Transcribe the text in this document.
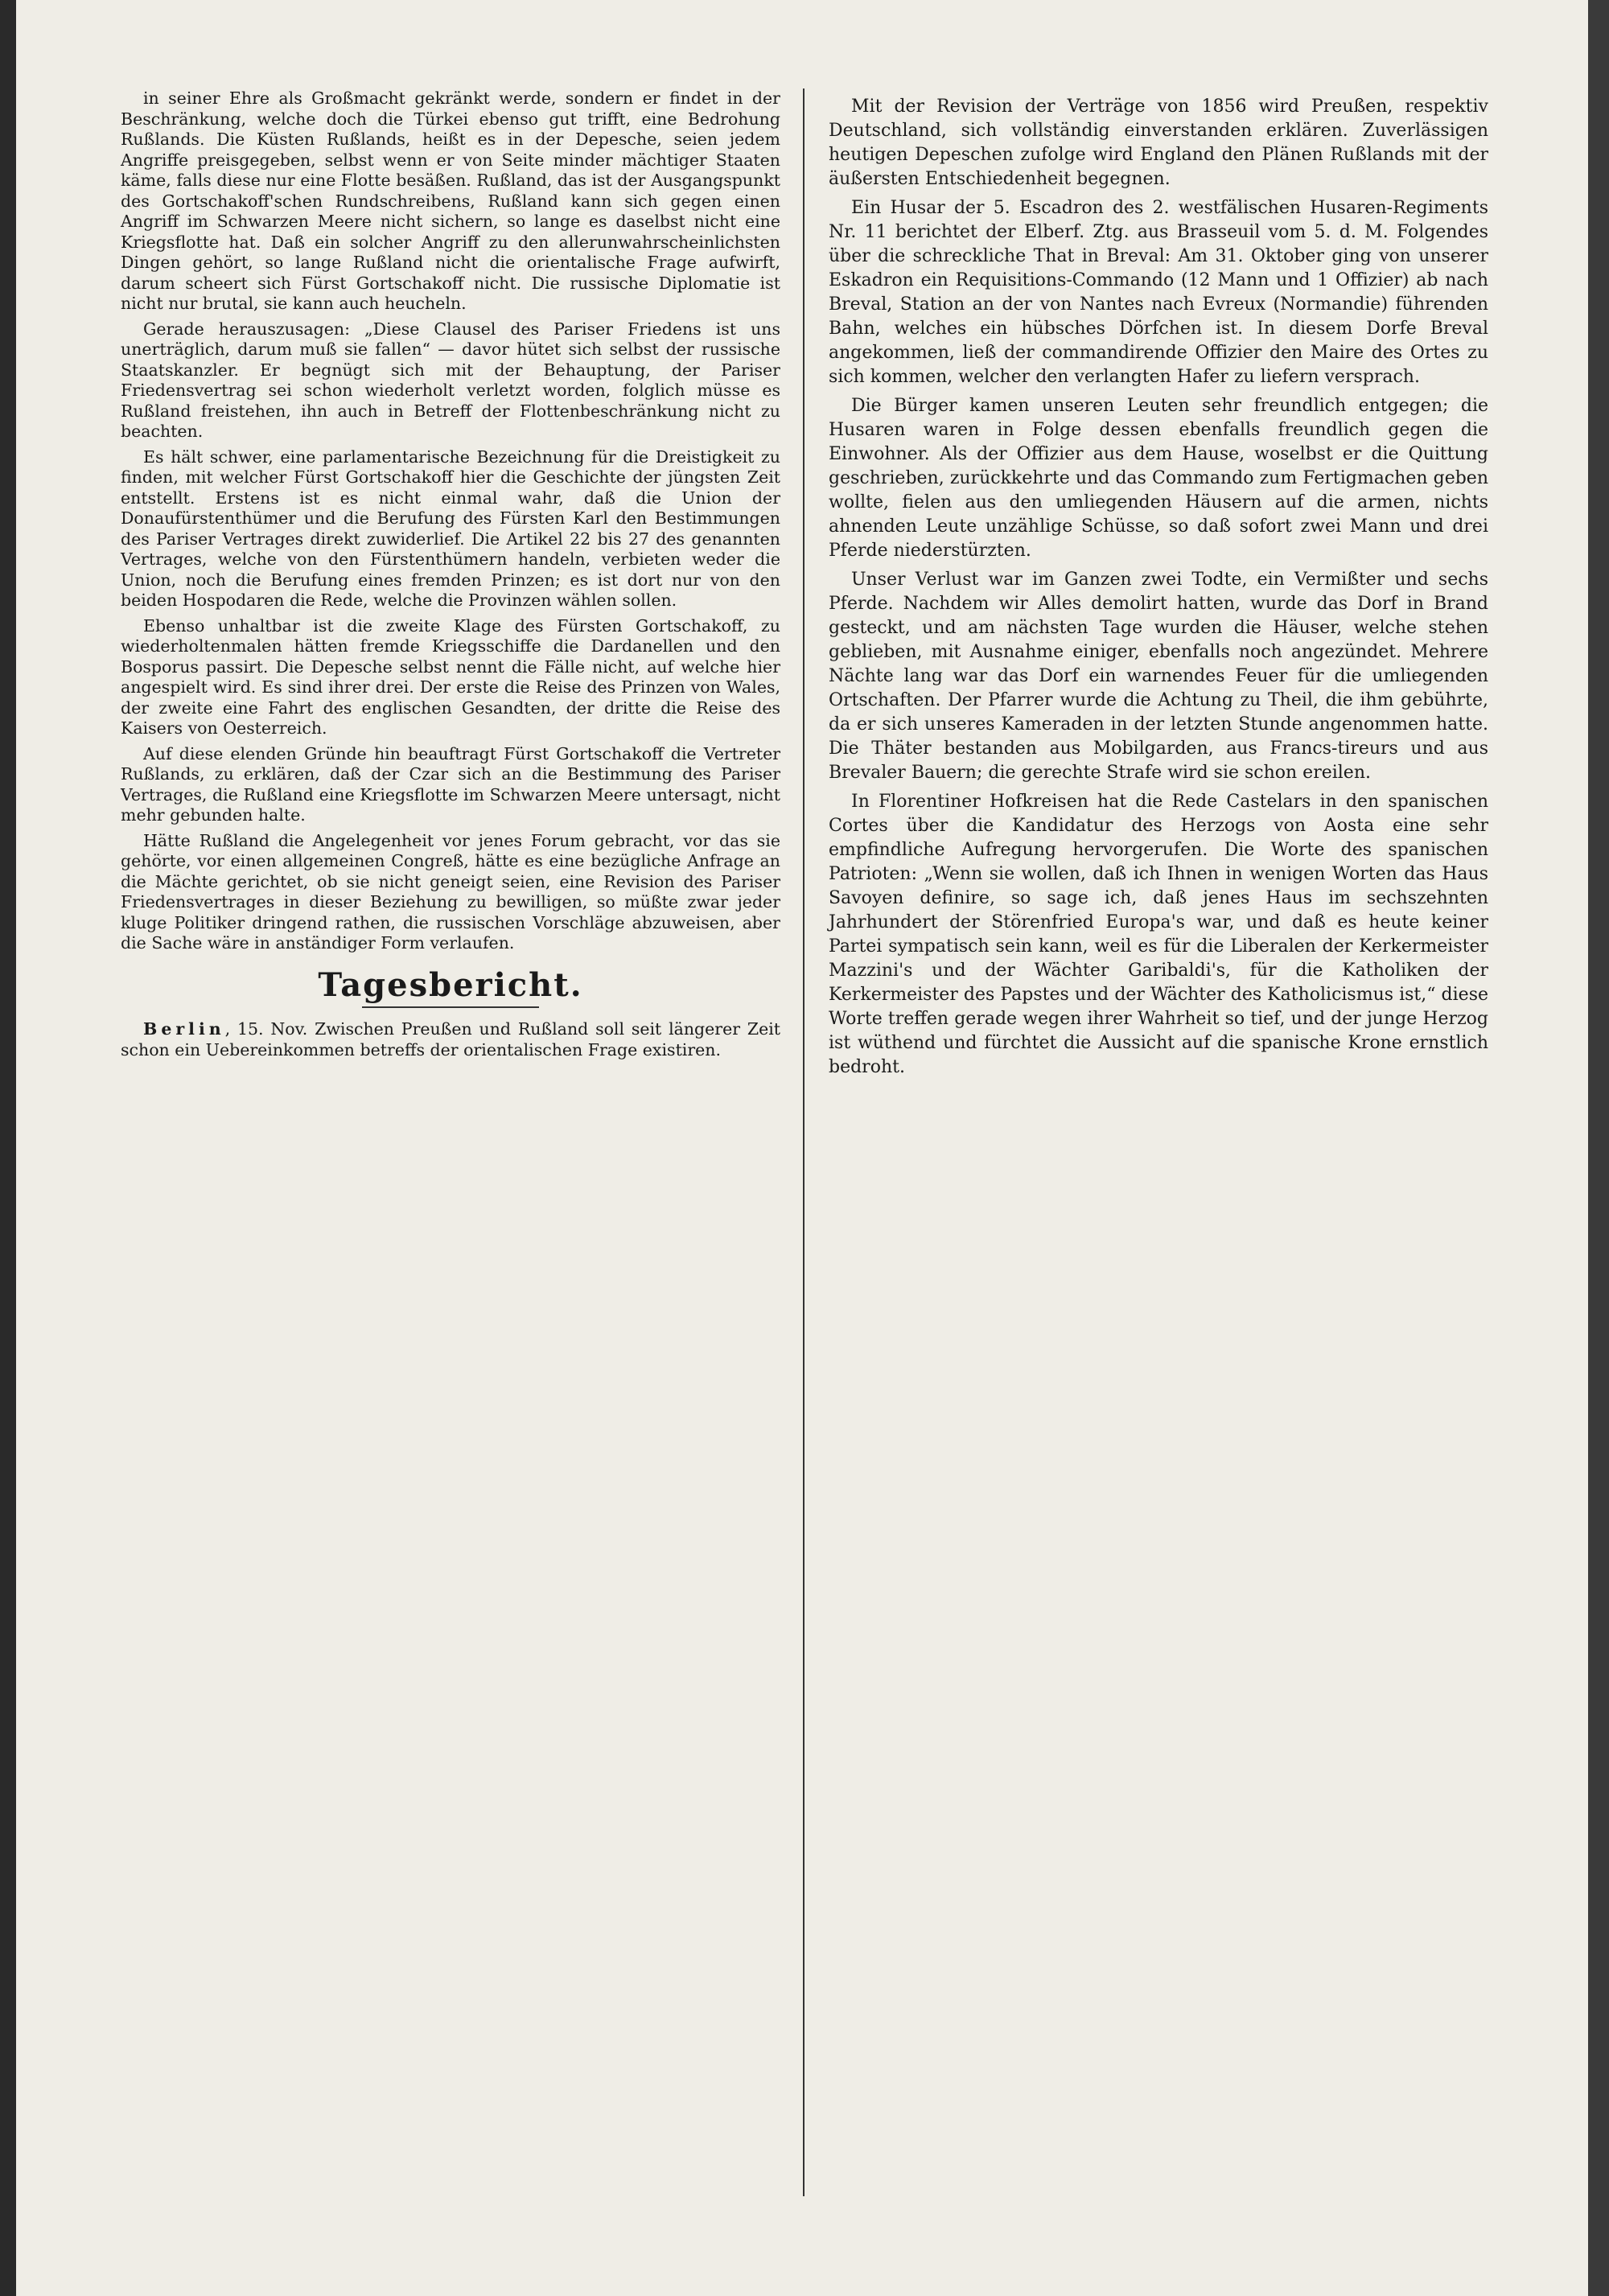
in seiner Ehre als Großmacht gekränkt werde, sondern er findet in der Beschränkung, welche doch die Türkei ebenso gut trifft, eine Bedrohung Rußlands. Die Küsten Rußlands, heißt es in der Depesche, seien jedem Angriffe preisgegeben, selbst wenn er von Seite minder mächtiger Staaten käme, falls diese nur eine Flotte besäßen. Rußland, das ist der Ausgangspunkt des Gortschakoff'schen Rundschreibens, Rußland kann sich gegen einen Angriff im Schwarzen Meere nicht sichern, so lange es daselbst nicht eine Kriegsflotte hat. Daß ein solcher Angriff zu den allerunwahrscheinlichsten Dingen gehört, so lange Rußland nicht die orientalische Frage aufwirft, darum scheert sich Fürst Gortschakoff nicht. Die russische Diplomatie ist nicht nur brutal, sie kann auch heucheln.

Gerade herauszusagen: „Diese Clausel des Pariser Friedens ist uns unerträglich, darum muß sie fallen“ — davor hütet sich selbst der russische Staatskanzler. Er begnügt sich mit der Behauptung, der Pariser Friedensvertrag sei schon wiederholt verletzt worden, folglich müsse es Rußland freistehen, ihn auch in Betreff der Flottenbeschränkung nicht zu beachten.

Es hält schwer, eine parlamentarische Bezeichnung für die Dreistigkeit zu finden, mit welcher Fürst Gortschakoff hier die Geschichte der jüngsten Zeit entstellt. Erstens ist es nicht einmal wahr, daß die Union der Donaufürstenthümer und die Berufung des Fürsten Karl den Bestimmungen des Pariser Vertrages direkt zuwiderlief. Die Artikel 22 bis 27 des genannten Vertrages, welche von den Fürstenthümern handeln, verbieten weder die Union, noch die Berufung eines fremden Prinzen; es ist dort nur von den beiden Hospodaren die Rede, welche die Provinzen wählen sollen.

Ebenso unhaltbar ist die zweite Klage des Fürsten Gortschakoff, zu wiederholtenmalen hätten fremde Kriegsschiffe die Dardanellen und den Bosporus passirt. Die Depesche selbst nennt die Fälle nicht, auf welche hier angespielt wird. Es sind ihrer drei. Der erste die Reise des Prinzen von Wales, der zweite eine Fahrt des englischen Gesandten, der dritte die Reise des Kaisers von Oesterreich.

Auf diese elenden Gründe hin beauftragt Fürst Gortschakoff die Vertreter Rußlands, zu erklären, daß der Czar sich an die Bestimmung des Pariser Vertrages, die Rußland eine Kriegsflotte im Schwarzen Meere untersagt, nicht mehr gebunden halte.

Hätte Rußland die Angelegenheit vor jenes Forum gebracht, vor das sie gehörte, vor einen allgemeinen Congreß, hätte es eine bezügliche Anfrage an die Mächte gerichtet, ob sie nicht geneigt seien, eine Revision des Pariser Friedensvertrages in dieser Beziehung zu bewilligen, so müßte zwar jeder kluge Politiker dringend rathen, die russischen Vorschläge abzuweisen, aber die Sache wäre in anständiger Form verlaufen.

Tagesbericht.

Berlin, 15. Nov. Zwischen Preußen und Rußland soll seit längerer Zeit schon ein Uebereinkommen betreffs der orientalischen Frage existiren.

Mit der Revision der Verträge von 1856 wird Preußen, respektiv Deutschland, sich vollständig einverstanden erklären. Zuverlässigen heutigen Depeschen zufolge wird England den Plänen Rußlands mit der äußersten Entschiedenheit begegnen.

Ein Husar der 5. Escadron des 2. westfälischen Husaren-Regiments Nr. 11 berichtet der Elberf. Ztg. aus Brasseuil vom 5. d. M. Folgendes über die schreckliche That in Breval: Am 31. Oktober ging von unserer Eskadron ein Requisitions-Commando (12 Mann und 1 Offizier) ab nach Breval, Station an der von Nantes nach Evreux (Normandie) führenden Bahn, welches ein hübsches Dörfchen ist. In diesem Dorfe Breval angekommen, ließ der commandirende Offizier den Maire des Ortes zu sich kommen, welcher den verlangten Hafer zu liefern versprach.

Die Bürger kamen unseren Leuten sehr freundlich entgegen; die Husaren waren in Folge dessen ebenfalls freundlich gegen die Einwohner. Als der Offizier aus dem Hause, woselbst er die Quittung geschrieben, zurückkehrte und das Commando zum Fertigmachen geben wollte, fielen aus den umliegenden Häusern auf die armen, nichts ahnenden Leute unzählige Schüsse, so daß sofort zwei Mann und drei Pferde niederstürzten.

Unser Verlust war im Ganzen zwei Todte, ein Vermißter und sechs Pferde. Nachdem wir Alles demolirt hatten, wurde das Dorf in Brand gesteckt, und am nächsten Tage wurden die Häuser, welche stehen geblieben, mit Ausnahme einiger, ebenfalls noch angezündet. Mehrere Nächte lang war das Dorf ein warnendes Feuer für die umliegenden Ortschaften. Der Pfarrer wurde die Achtung zu Theil, die ihm gebührte, da er sich unseres Kameraden in der letzten Stunde angenommen hatte. Die Thäter bestanden aus Mobilgarden, aus Francs-tireurs und aus Brevaler Bauern; die gerechte Strafe wird sie schon ereilen.

In Florentiner Hofkreisen hat die Rede Castelars in den spanischen Cortes über die Kandidatur des Herzogs von Aosta eine sehr empfindliche Aufregung hervorgerufen. Die Worte des spanischen Patrioten: „Wenn sie wollen, daß ich Ihnen in wenigen Worten das Haus Savoyen definire, so sage ich, daß jenes Haus im sechszehnten Jahrhundert der Störenfried Europa's war, und daß es heute keiner Partei sympatisch sein kann, weil es für die Liberalen der Kerkermeister Mazzini's und der Wächter Garibaldi's, für die Katholiken der Kerkermeister des Papstes und der Wächter des Katholicismus ist,“ diese Worte treffen gerade wegen ihrer Wahrheit so tief, und der junge Herzog ist wüthend und fürchtet die Aussicht auf die spanische Krone ernstlich bedroht.
